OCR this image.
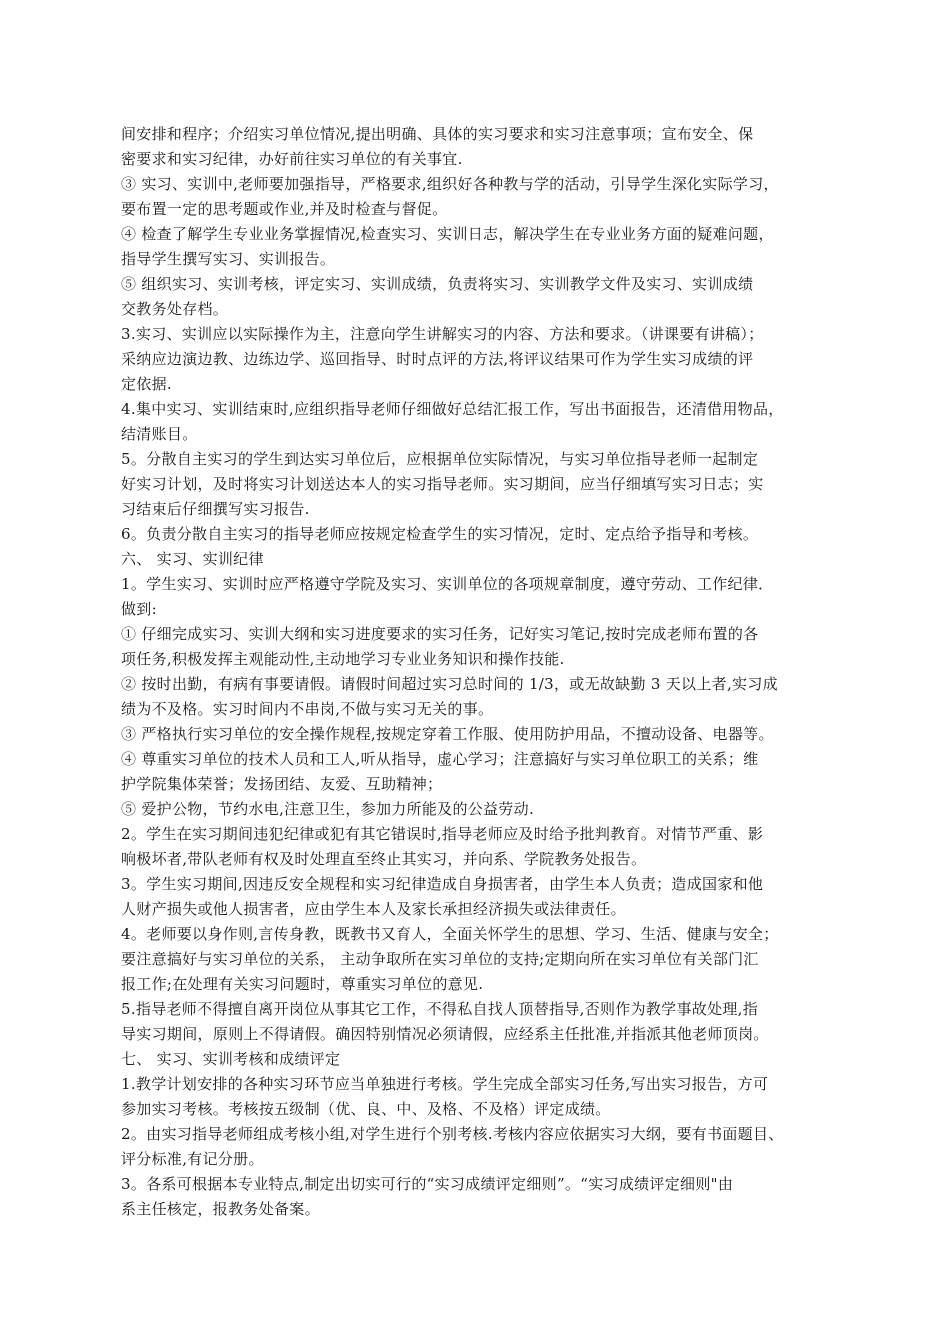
间安排和程序；介绍实习单位情况,提出明确、具体的实习要求和实习注意事项；宣布安全、保
密要求和实习纪律，办好前往实习单位的有关事宜.
③ 实习、实训中,老师要加强指导，严格要求,组织好各种教与学的活动，引导学生深化实际学习，
要布置一定的思考题或作业,并及时检查与督促。
④ 检查了解学生专业业务掌握情况,检查实习、实训日志，解决学生在专业业务方面的疑难问题，
指导学生撰写实习、实训报告。
⑤ 组织实习、实训考核，评定实习、实训成绩，负责将实习、实训教学文件及实习、实训成绩
交教务处存档。
3.实习、实训应以实际操作为主，注意向学生讲解实习的内容、方法和要求。（讲课要有讲稿）；
采纳应边演边教、边练边学、巡回指导、时时点评的方法,将评议结果可作为学生实习成绩的评
定依据.
4.集中实习、实训结束时,应组织指导老师仔细做好总结汇报工作，写出书面报告，还清借用物品，
结清账目。
5。分散自主实习的学生到达实习单位后，应根据单位实际情况，与实习单位指导老师一起制定
好实习计划，及时将实习计划送达本人的实习指导老师。实习期间，应当仔细填写实习日志；实
习结束后仔细撰写实习报告.
6。负责分散自主实习的指导老师应按规定检查学生的实习情况，定时、定点给予指导和考核。
六、 实习、实训纪律
1。学生实习、实训时应严格遵守学院及实习、实训单位的各项规章制度，遵守劳动、工作纪律．
做到:
① 仔细完成实习、实训大纲和实习进度要求的实习任务，记好实习笔记,按时完成老师布置的各
项任务,积极发挥主观能动性,主动地学习专业业务知识和操作技能.
② 按时出勤，有病有事要请假。请假时间超过实习总时间的 1/3，或无故缺勤 3 天以上者,实习成
绩为不及格。实习时间内不串岗,不做与实习无关的事。
③ 严格执行实习单位的安全操作规程,按规定穿着工作服、使用防护用品，不擅动设备、电器等。
④ 尊重实习单位的技术人员和工人,听从指导，虚心学习；注意搞好与实习单位职工的关系；维
护学院集体荣誉；发扬团结、友爱、互助精神；
⑤ 爱护公物，节约水电,注意卫生，参加力所能及的公益劳动.
2。学生在实习期间违犯纪律或犯有其它错误时,指导老师应及时给予批判教育。对情节严重、影
响极坏者,带队老师有权及时处理直至终止其实习，并向系、学院教务处报告。
3。学生实习期间,因违反安全规程和实习纪律造成自身损害者，由学生本人负责；造成国家和他
人财产损失或他人损害者，应由学生本人及家长承担经济损失或法律责任。
4。老师要以身作则,言传身教，既教书又育人，全面关怀学生的思想、学习、生活、健康与安全；
要注意搞好与实习单位的关系， 主动争取所在实习单位的支持;定期向所在实习单位有关部门汇
报工作;在处理有关实习问题时，尊重实习单位的意见.
5.指导老师不得擅自离开岗位从事其它工作，不得私自找人顶替指导,否则作为教学事故处理,指
导实习期间，原则上不得请假。确因特别情况必须请假，应经系主任批准,并指派其他老师顶岗。
七、 实习、实训考核和成绩评定
1.教学计划安排的各种实习环节应当单独进行考核。学生完成全部实习任务,写出实习报告，方可
参加实习考核。考核按五级制（优、良、中、及格、不及格）评定成绩。
2。由实习指导老师组成考核小组,对学生进行个别考核.考核内容应依据实习大纲，要有书面题目、
评分标准,有记分册。
3。各系可根据本专业特点,制定出切实可行的“实习成绩评定细则”。“实习成绩评定细则"由
系主任核定，报教务处备案。
